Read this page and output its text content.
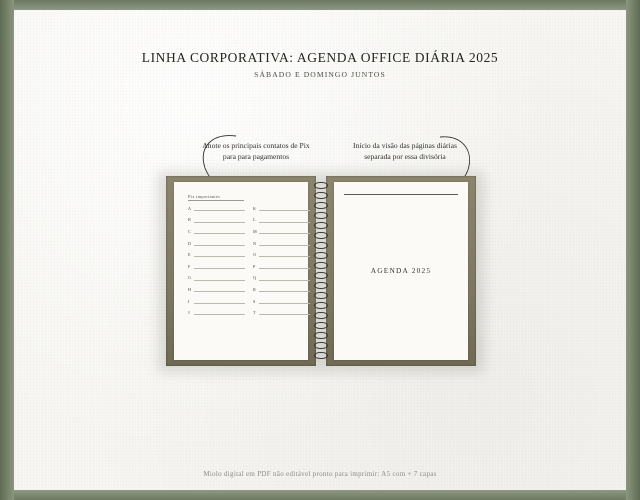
LINHA CORPORATIVA: AGENDA OFFICE DIÁRIA 2025
SÁBADO E DOMINGO JUNTOS
Anote os principais contatos de Pix para para pagamentos
Início da visão das páginas diárias separada por essa divisória
Pix importantes
A
B
C
D
E
F
G
H
I
J
K
L
M
N
O
P
Q
R
S
T
AGENDA 2025
Miolo digital em PDF não editável pronto para imprimir: A5 com + 7 capas
